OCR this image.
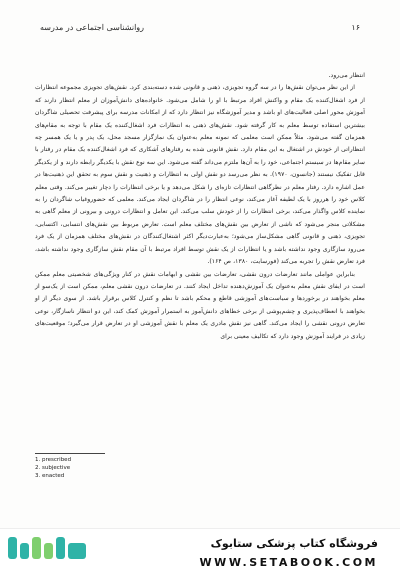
۱۶
روانشناسی اجتماعی در مدرسه

انتظار می‌رود.

از این نظر می‌توان نقش‌ها را در سه گروه تجویزی، ذهنی و قانونی شده دسته‌بندی کرد. نقش‌های تجویزی مجموعه انتظارات از فرد اشغال‌کننده یک مقام و واکنش افراد مرتبط با او را شامل می‌شود. خانواده‌های دانش‌آموزان از معلم انتظار دارند که آموزش محور اصلی فعالیت‌های او باشد و مدیر آموزشگاه نیز انتظار دارد که از امکانات مدرسه برای پیشرفت تحصیلی شاگردان بیشترین استفاده توسط معلم به کار گرفته شود. نقش‌های ذهنی به انتظارات فرد اشغال‌کننده یک مقام با توجه به مقام‌های همزمان گفته می‌شود. مثلاً ممکن است معلمی که نمونه معلم به‌عنوان یک نمازگزار مسجد محل، یک پدر و یا یک همسر چه انتظاراتی از خودش در اشتغال به این مقام دارد. نقش قانونی شده به رفتارهای آشکاری که فرد اشغال‌کننده یک مقام در رفتار با سایر مقام‌ها در سیستم اجتماعی، خود را به آن‌ها ملتزم می‌داند گفته می‌شود. این سه نوع نقش با یکدیگر رابطه دارند و از یکدیگر قابل تفکیک نیستند (جانسون، ۱۹۷۰). به نظر می‌رسد دو نقش اولی به انتظارات و ذهنیت و نقش سوم به تحقق این ذهنیت‌ها در عمل اشاره دارد. رفتار معلم در نظرگاهی انتظارات تازه‌ای را شکل می‌دهد و یا برخی انتظارات را دچار تغییر می‌کند. وقتی معلم کلاس خود را هرروز با یک لطیفه آغاز می‌کند، نوعی انتظار را در شاگردان ایجاد می‌کند. معلمی که حضوروغیاب شاگردان را به نماینده کلاس واگذار می‌کند، برخی انتظارات را از خودش سلب می‌کند. این تعامل و انتظارات درونی و بیرونی از معلم گاهی به مشکلاتی منجر می‌شود که ناشی از تعارض بین نقش‌های مختلف معلم است. تعارض مربوط بین نقش‌های انتسابی، اکتسابی، تجویزی، ذهنی و قانونی گاهی مشکل‌ساز می‌شود؛ به‌عبارت‌دیگر اکثر اشتغال‌کنندگان در نقش‌های مختلف همزمان از یک فرد می‌رود سازگاری وجود نداشته باشد و یا انتظارات از یک نقش توسط افراد مرتبط با آن مقام نقش سازگاری وجود نداشته باشد، فرد تعارض نقش را تجربه می‌کند (فورسایت، ۱۳۸۰، ص ۱۶۴).

بنابراین عواملی مانند تعارضات درون نقشی، تعارضات بین نقشی و ابهامات نقش در کنار ویژگی‌های شخصیتی معلم ممکن است در ایفای نقش معلم به‌عنوان یک آموزش‌دهنده تداخل ایجاد کنند. در تعارضات درون نقشی معلم، ممکن است از یک‌سو از معلم بخواهند در برخوردها و سیاست‌های آموزشی قاطع و محکم باشد تا نظم و کنترل کلاس برقرار باشد. از سوی دیگر از او بخواهند با انعطاف‌پذیری و چشم‌پوشی از برخی خطاهای دانش‌آموز به استمرار آموزش کمک کند، این دو انتظار ناسازگار، نوعی تعارض درونی نقشی را ایجاد می‌کند. گاهی نیز نقش مادری یک معلم با نقش آموزشی او در تعارض قرار می‌گیرد؛ موقعیت‌های زیادی در فرایند آموزش وجود دارد که تکالیف معینی برای

1. prescribed
2. subjective
3. enacted
فروشگاه کتاب پزشکی ستابوک
WWW.SETABOOK.COM
